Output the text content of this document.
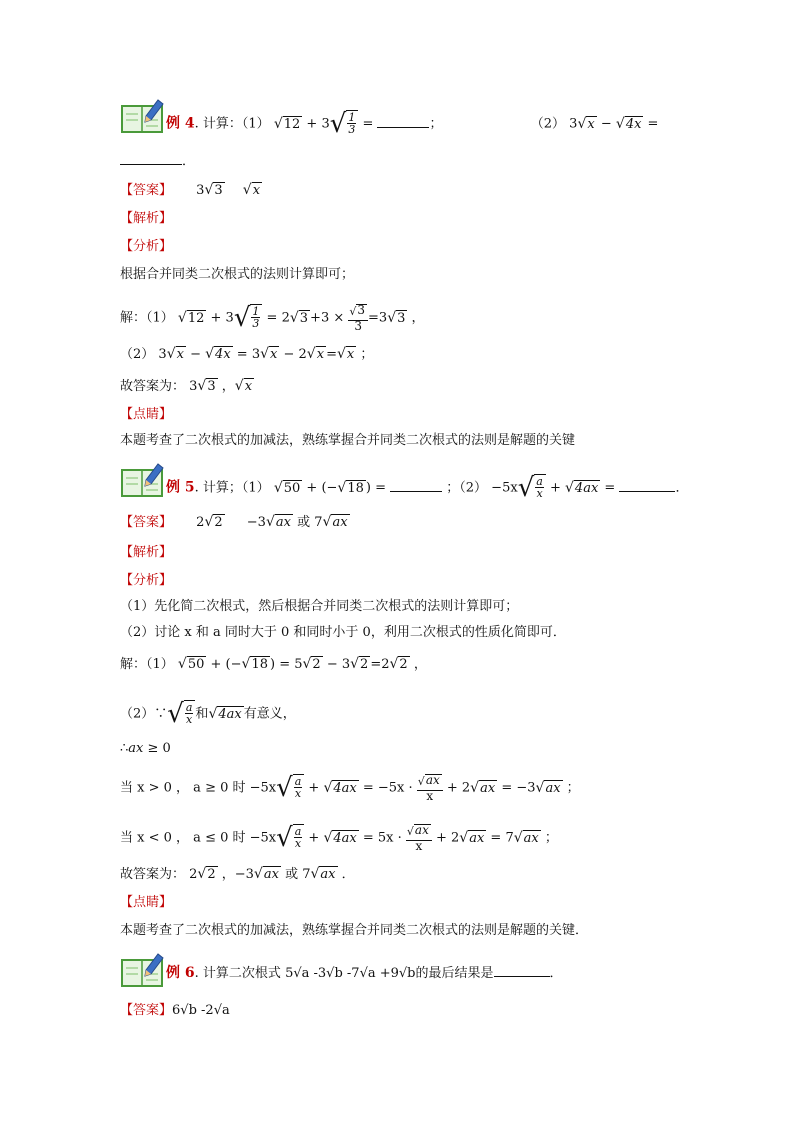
例 4. 计算：（1） √ 12 + 3 √ $\frac{1}{3}$ =	；	（2） 3 √ x − √ 4x =
．
【答案】 3 √ 3
√ x
【解析】
【分析】
根据合并同类二次根式的法则计算即可；
解：（1） √ 12 + 3 √ $\frac{1}{3} = 2$ √ $3 +3 \times \frac{√ 3}{3} =3$ √ 3 ，
（2） 3 √ x − √ 4x = 3 √ x − 2 √ x = √ x ；
故答案为： 3 √ 3 ， √ x
【点睛】
本题考查了二次根式的加减法，熟练掌握合并同类二次根式的法则是解题的关键
例 5. 计算；（1） √ 50 + (− √ 18 ) =	；（2） −5x √ $\frac{a}{x}$ + √ 4ax =	．
【答案】 2 √ 2 −3 √ ax 或 7 √ ax
【解析】
【分析】
（1）先化简二次根式，然后根据合并同类二次根式的法则计算即可；
（2）讨论 x 和 a 同时大于 0 和同时小于 0，利用二次根式的性质化简即可．
解：（1） √ 50 + (− √ 18 ) = 5 √ 2 − 3 √ 2 =2 √ 2 ，
（2）∵ √ $\frac{a}{x}$ 和 √ 4ax 有意义，
∴ax ≥ 0
当 x > 0 ， a ≥ 0 时 −5x √ $\frac{a}{x}$ + √ $4ax = -5x \cdot \frac{√ ax}{x} + 2$ √ ax = −3 √ ax ；
当 x < 0 ， a ≤ 0 时 −5x √ $\frac{a}{x}$ + √ $4ax = 5x \cdot \frac{√ ax}{x} + 2$ √ ax = 7 √ ax ；
故答案为： 2 √ 2 ，−3 √ ax 或 7 √ ax ．
【点睛】
本题考查了二次根式的加减法，熟练掌握合并同类二次根式的法则是解题的关键．
例 6. 计算二次根式 5√a -3√b -7√a +9√b的最后结果是	．
【答案】6√b -2√a
